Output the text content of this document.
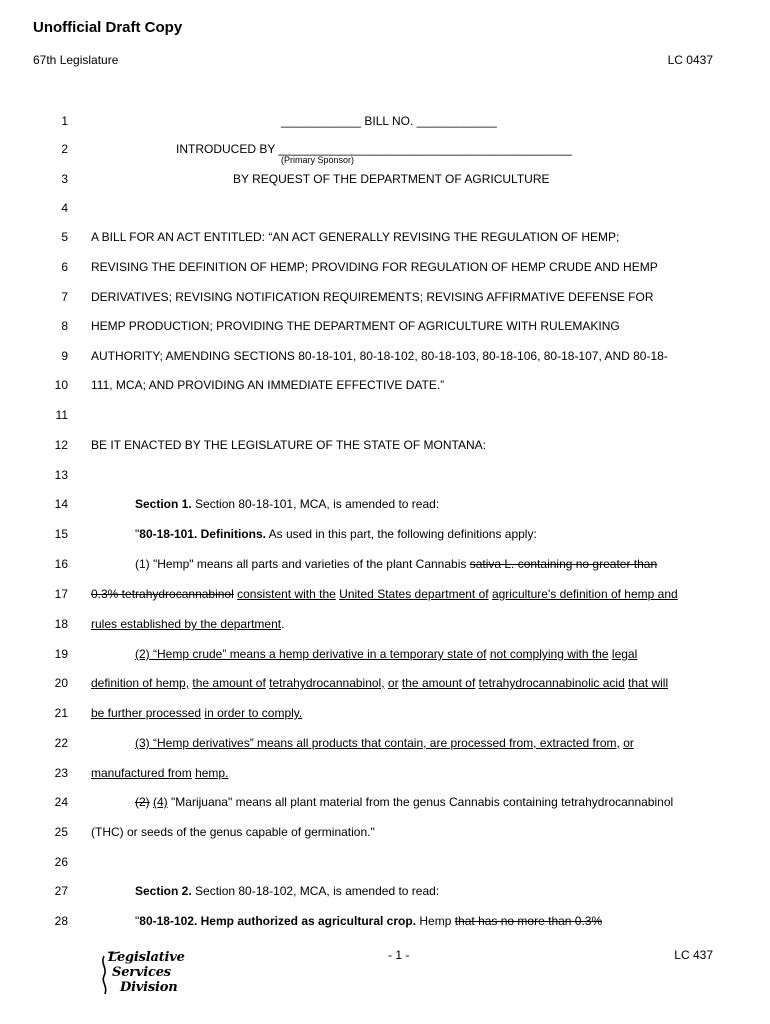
Unofficial Draft Copy
67th Legislature	LC 0437
1	____________ BILL NO. ____________
2	INTRODUCED BY ____________________________________________
3	BY REQUEST OF THE DEPARTMENT OF AGRICULTURE
4
5 A BILL FOR AN ACT ENTITLED: “AN ACT GENERALLY REVISING THE REGULATION OF HEMP;
6 REVISING THE DEFINITION OF HEMP; PROVIDING FOR REGULATION OF HEMP CRUDE AND HEMP
7 DERIVATIVES; REVISING NOTIFICATION REQUIREMENTS; REVISING AFFIRMATIVE DEFENSE FOR
8 HEMP PRODUCTION; PROVIDING THE DEPARTMENT OF AGRICULTURE WITH RULEMAKING
9 AUTHORITY; AMENDING SECTIONS 80-18-101, 80-18-102, 80-18-103, 80-18-106, 80-18-107, AND 80-18-
10 111, MCA; AND PROVIDING AN IMMEDIATE EFFECTIVE DATE.”
11
12 BE IT ENACTED BY THE LEGISLATURE OF THE STATE OF MONTANA:
13
14	Section 1. Section 80-18-101, MCA, is amended to read:
15	"80-18-101. Definitions. As used in this part, the following definitions apply:
16	(1) "Hemp" means all parts and varieties of the plant Cannabis sativa L. containing no greater than
17 0.3% tetrahydrocannabinol consistent with the United States department of agriculture's definition of hemp and
18 rules established by the department.
19	(2) “Hemp crude” means a hemp derivative in a temporary state of not complying with the legal
20 definition of hemp, the amount of tetrahydrocannabinol, or the amount of tetrahydrocannabinolic acid that will
21 be further processed in order to comply.
22	(3) “Hemp derivatives” means all products that contain, are processed from, extracted from, or
23 manufactured from hemp.
24	(2) (4) "Marijuana" means all plant material from the genus Cannabis containing tetrahydrocannabinol
25 (THC) or seeds of the genus capable of germination."
26
27	Section 2. Section 80-18-102, MCA, is amended to read:
28	"80-18-102. Hemp authorized as agricultural crop. Hemp that has no more than 0.3%
(Primary Sponsor)
Legislative
Services
Division
- 1 -	LC 437
